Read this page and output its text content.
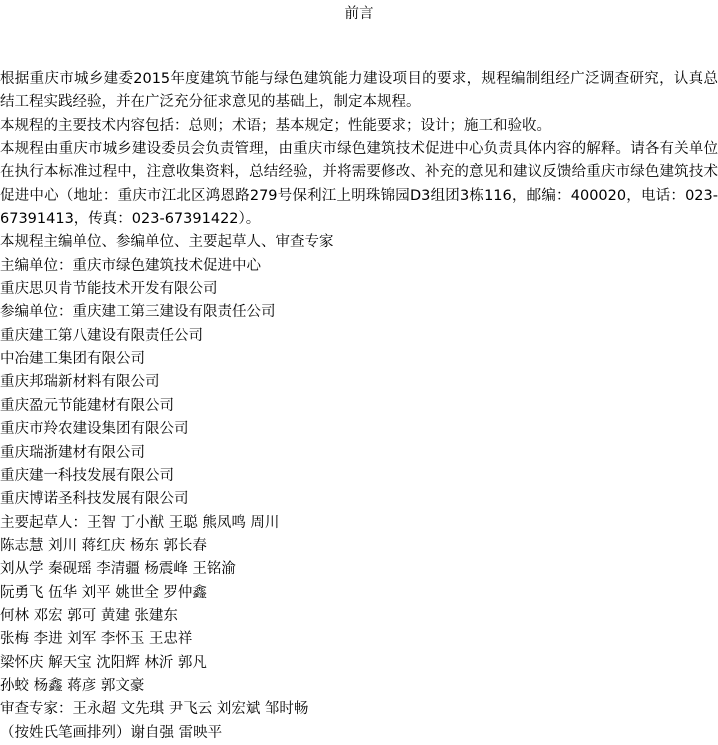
前言

根据重庆市城乡建委2015年度建筑节能与绿色建筑能力建设项目的要求，规程编制组经广泛调查研究，认真总结工程实践经验，并在广泛充分征求意见的基础上，制定本规程。

本规程的主要技术内容包括：总则；术语；基本规定；性能要求；设计；施工和验收。

本规程由重庆市城乡建设委员会负责管理，由重庆市绿色建筑技术促进中心负责具体内容的解释。请各有关单位在执行本标准过程中，注意收集资料，总结经验，并将需要修改、补充的意见和建议反馈给重庆市绿色建筑技术促进中心（地址：重庆市江北区鸿恩路279号保利江上明珠锦园D3组团3栋116，邮编：400020，电话：023-67391413，传真：023-67391422）。

本规程主编单位、参编单位、主要起草人、审查专家

主编单位：重庆市绿色建筑技术促进中心

重庆思贝肯节能技术开发有限公司

参编单位：重庆建工第三建设有限责任公司

重庆建工第八建设有限责任公司

中冶建工集团有限公司

重庆邦瑞新材料有限公司

重庆盈元节能建材有限公司

重庆市羚农建设集团有限公司

重庆瑞浙建材有限公司

重庆建一科技发展有限公司

重庆博诺圣科技发展有限公司

主要起草人：王智 丁小猷 王聪 熊凤鸣 周川

陈志慧 刘川 蒋红庆 杨东 郭长春

刘从学 秦砚瑶 李清疆 杨震峰 王铭渝

阮勇飞 伍华 刘平 姚世全 罗仲鑫

何林 邓宏 郭可 黄建 张建东

张梅 李进 刘军 李怀玉 王忠祥

梁怀庆 解天宝 沈阳辉 林沂 郭凡

孙蛟 杨鑫 蒋彦 郭文豪

审查专家：王永超 文先琪 尹飞云 刘宏斌 邹时畅

（按姓氏笔画排列）谢自强 雷映平
